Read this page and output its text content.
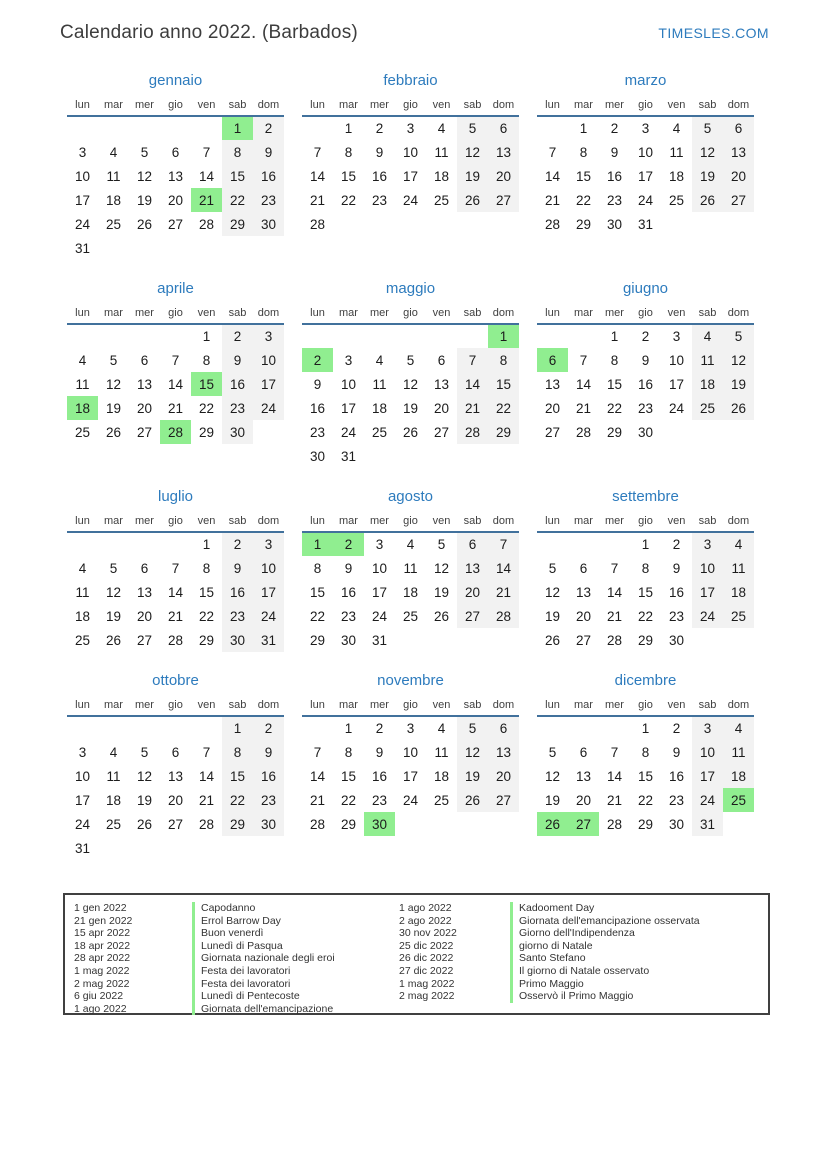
Calendario anno 2022. (Barbados)	TIMESLES.COM
gennaio
lun	mar	mer	gio	ven	sab	dom
					1	2
3	4	5	6	7	8	9
10	11	12	13	14	15	16
17	18	19	20	21	22	23
24	25	26	27	28	29	30
31						
febbraio
lun	mar	mer	gio	ven	sab	dom
	1	2	3	4	5	6
7	8	9	10	11	12	13
14	15	16	17	18	19	20
21	22	23	24	25	26	27
28						
marzo
lun	mar	mer	gio	ven	sab	dom
	1	2	3	4	5	6
7	8	9	10	11	12	13
14	15	16	17	18	19	20
21	22	23	24	25	26	27
28	29	30	31			
aprile
lun	mar	mer	gio	ven	sab	dom
				1	2	3
4	5	6	7	8	9	10
11	12	13	14	15	16	17
18	19	20	21	22	23	24
25	26	27	28	29	30	
maggio
lun	mar	mer	gio	ven	sab	dom
						1
2	3	4	5	6	7	8
9	10	11	12	13	14	15
16	17	18	19	20	21	22
23	24	25	26	27	28	29
30	31					
giugno
lun	mar	mer	gio	ven	sab	dom
		1	2	3	4	5
6	7	8	9	10	11	12
13	14	15	16	17	18	19
20	21	22	23	24	25	26
27	28	29	30			
luglio
lun	mar	mer	gio	ven	sab	dom
				1	2	3
4	5	6	7	8	9	10
11	12	13	14	15	16	17
18	19	20	21	22	23	24
25	26	27	28	29	30	31
agosto
lun	mar	mer	gio	ven	sab	dom
1	2	3	4	5	6	7
8	9	10	11	12	13	14
15	16	17	18	19	20	21
22	23	24	25	26	27	28
29	30	31				
settembre
lun	mar	mer	gio	ven	sab	dom
			1	2	3	4
5	6	7	8	9	10	11
12	13	14	15	16	17	18
19	20	21	22	23	24	25
26	27	28	29	30		
ottobre
lun	mar	mer	gio	ven	sab	dom
					1	2
3	4	5	6	7	8	9
10	11	12	13	14	15	16
17	18	19	20	21	22	23
24	25	26	27	28	29	30
31						
novembre
lun	mar	mer	gio	ven	sab	dom
	1	2	3	4	5	6
7	8	9	10	11	12	13
14	15	16	17	18	19	20
21	22	23	24	25	26	27
28	29	30				
dicembre
lun	mar	mer	gio	ven	sab	dom
			1	2	3	4
5	6	7	8	9	10	11
12	13	14	15	16	17	18
19	20	21	22	23	24	25
26	27	28	29	30	31	
1 gen 2022	Capodanno
21 gen 2022	Errol Barrow Day
15 apr 2022	Buon venerdì
18 apr 2022	Lunedì di Pasqua
28 apr 2022	Giornata nazionale degli eroi
1 mag 2022	Festa dei lavoratori
2 mag 2022	Festa dei lavoratori
6 giu 2022	Lunedì di Pentecoste
1 ago 2022	Giornata dell'emancipazione
1 ago 2022	Kadooment Day
2 ago 2022	Giornata dell'emancipazione osservata
30 nov 2022	Giorno dell'Indipendenza
25 dic 2022	giorno di Natale
26 dic 2022	Santo Stefano
27 dic 2022	Il giorno di Natale osservato
1 mag 2022	Primo Maggio
2 mag 2022	Osservò il Primo Maggio
